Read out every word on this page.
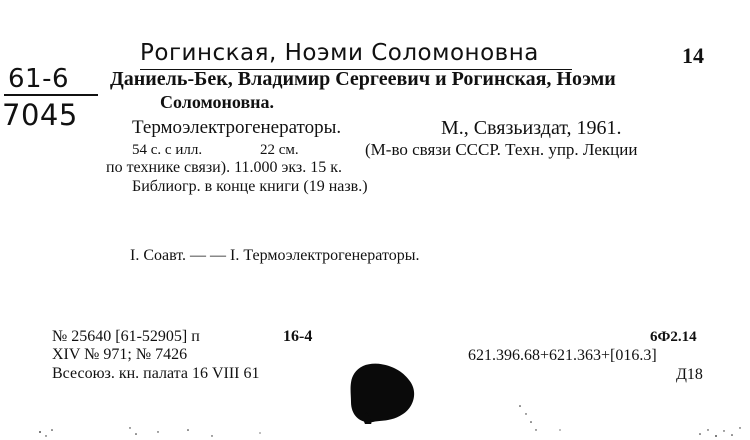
Рогинская, Ноэми Соломоновна
61-6
7045
14
Даниель-Бек, Владимир Сергеевич и Рогинская, Ноэми
Соломоновна.
Термоэлектрогенераторы.	М., Связьиздат, 1961.
54 с. с илл.	22 см.	(М-во связи СССР. Техн. упр. Лекции
по технике связи). 11.000 экз. 15 к.
Библиогр. в конце книги (19 назв.)
I. Соавт. — — I. Термоэлектрогенераторы.
№ 25640 [61-52905] п	16-4	6Ф2.14
XIV № 971; № 7426	621.396.68+621.363+[016.3]
Всесоюз. кн. палата 16 VIII 61	Д18
